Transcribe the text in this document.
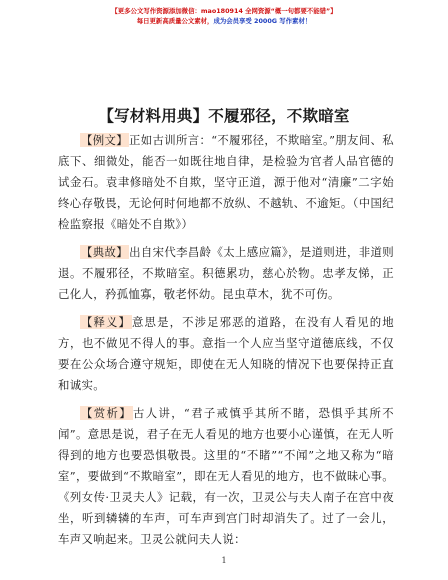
【更多公文写作资源添加微信：mao180914 全网资源“概一句都要不能错”】
每日更新高质量公文素材，成为会员享受 2000G 写作素材！
【写材料用典】不履邪径，不欺暗室

【例文】正如古训所言：“不履邪径，不欺暗室。”朋友间、私底下、细微处，能否一如既往地自律，是检验为官者人品官德的试金石。袁聿修暗处不自欺，坚守正道，源于他对“清廉”二字始终心存敬畏，无论何时何地都不放纵、不越轨、不逾矩。（中国纪检监察报《暗处不自欺》）

【典故】出自宋代李昌龄《太上感应篇》，是道则进，非道则退。不履邪径，不欺暗室。积德累功，慈心於物。忠孝友悌，正己化人，矜孤恤寡，敬老怀幼。昆虫草木，犹不可伤。

【释义】意思是，不涉足邪恶的道路，在没有人看见的地方，也不做见不得人的事。意指一个人应当坚守道德底线，不仅要在公众场合遵守规矩，即使在无人知晓的情况下也要保持正直和诚实。

【赏析】古人讲，“君子戒慎乎其所不睹，恐惧乎其所不闻”。意思是说，君子在无人看见的地方也要小心谨慎，在无人听得到的地方也要恐惧敬畏。这里的“不睹”“不闻”之地又称为“暗室”，要做到“不欺暗室”，即在无人看见的地方，也不做昧心事。《列女传·卫灵夫人》记载，有一次，卫灵公与夫人南子在宫中夜坐，听到辚辚的车声，可车声到宫门时却消失了。过了一会儿，车声又响起来。卫灵公就问夫人说：

1
